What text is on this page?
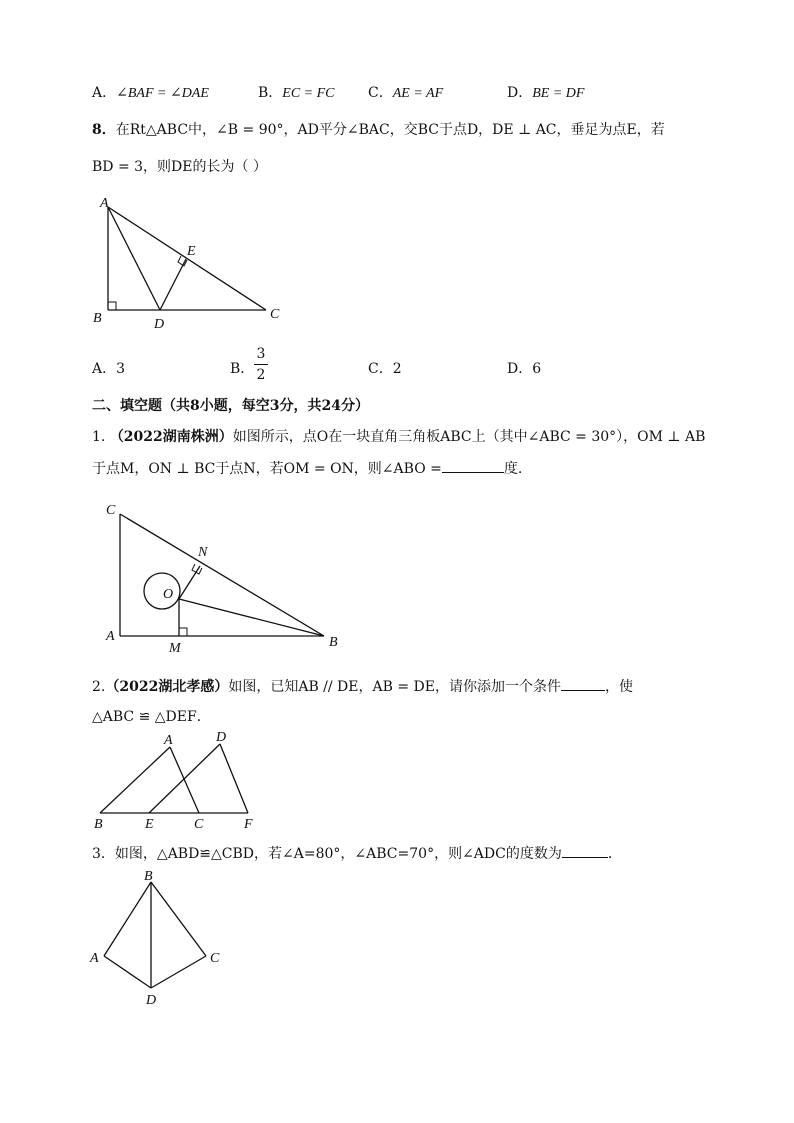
A．∠BAF = ∠DAE	B．EC = FC C．AE = AF	D．BE = DF
8．在Rt△ABC中，∠B = 90°，AD平分∠BAC，交BC于点D，DE ⊥ AC，垂足为点E，若
BD = 3，则DE的长为（ ）
A
B	C
D
E
A．3	B．
3
2	C．2	D．6
二、填空题（共8小题，每空3分，共24分）
1. （2022湖南株洲）如图所示，点O在一块直角三角板ABC上（其中∠ABC = 30°），OM ⊥ AB
于点M，ON ⊥ BC于点N，若OM = ON，则∠ABO =	度.
C
N
O
A
M	B
2.（2022湖北孝感）如图，已知AB // DE，AB = DE，请你添加一个条件	，使
△ABC ≌ △DEF．
A	D
B	E	C	F
3．如图，△ABD≌△CBD，若∠A=80°，∠ABC=70°，则∠ADC的度数为	．
B
A	C
D
